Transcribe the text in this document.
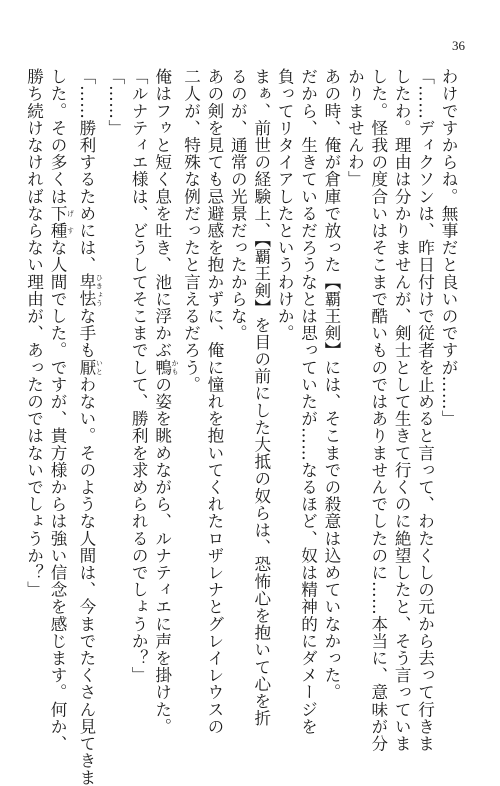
36
わけですからね。無事だと良いのですが……」
「……ディクソンは、昨日付けで従者を止めると言って、わたくしの元から去って行きま
したわ。理由は分かりませんが、剣士として生きて行くのに絶望したと、そう言っていま
した。怪我の度合いはそこまで酷いものではありませんでしたのに……本当に、意味が分
かりませんわ」
あの時、俺が倉庫で放った【覇王剣】には、そこまでの殺意は込めていなかった。
だから、生きているだろうなとは思っていたが……なるほど、奴は精神的にダメージを
負ってリタイアしたというわけか。
まぁ、前世の経験上、【覇王剣】を目の前にした大抵の奴らは、恐怖心を抱いて心を折
るのが、通常の光景だったからな。
あの剣を見ても忌避感を抱かずに、俺に憧れを抱いてくれたロザレナとグレイレウスの
二人が、特殊な例だったと言えるだろう。
俺はフゥと短く息を吐き、池に浮かぶ鴨 かもの姿を眺めながら、ルナティエに声を掛けた。
「ルナティエ様は、どうしてそこまでして、勝利を求められるのでしょうか？」
「……」
「……勝利するためには、卑怯 ひきょうな手も厭 いとわない。そのような人間は、今までたくさん見てきま
した。その多くは下種 げすな人間でした。ですが、貴方様からは強い信念を感じます。何か、
勝ち続けなければならない理由が、あったのではないでしょうか？」
